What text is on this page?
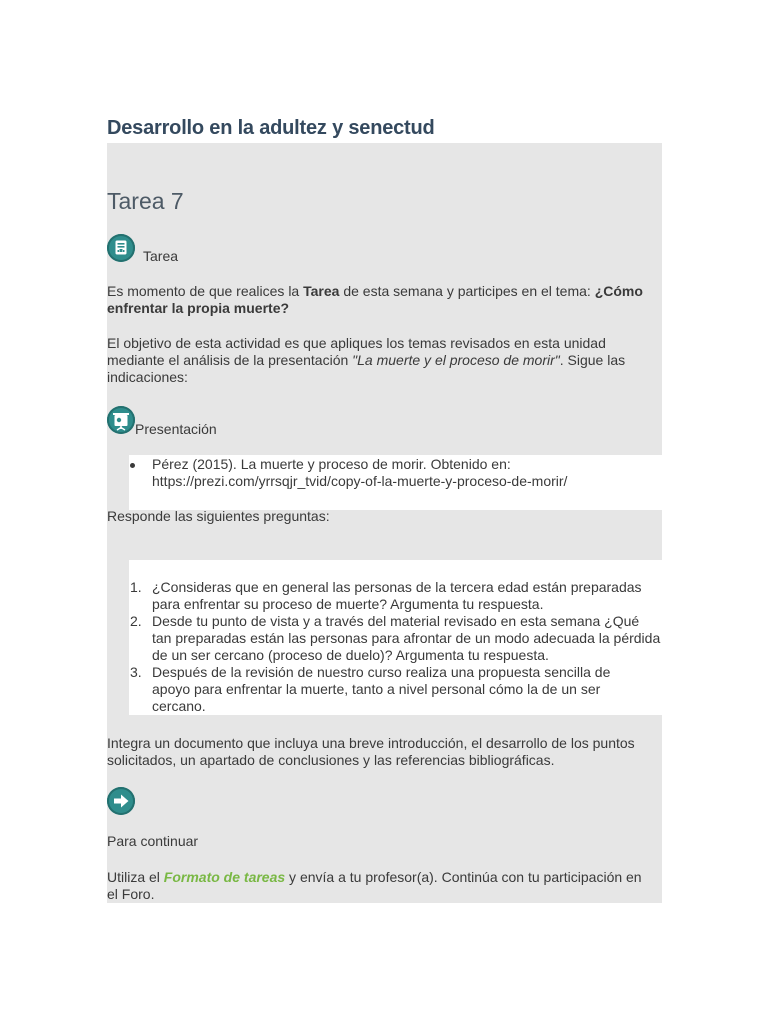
Desarrollo en la adultez y senectud
Tarea 7

Tarea

Es momento de que realices la Tarea de esta semana y participes en el tema: ¿Cómo enfrentar la propia muerte?

El objetivo de esta actividad es que apliques los temas revisados en esta unidad mediante el análisis de la presentación "La muerte y el proceso de morir". Sigue las indicaciones:

Presentación

Pérez (2015). La muerte y proceso de morir. Obtenido en: https://prezi.com/yrrsqjr_tvid/copy-of-la-muerte-y-proceso-de-morir/

Responde las siguientes preguntas:

1. ¿Consideras que en general las personas de la tercera edad están preparadas para enfrentar su proceso de muerte? Argumenta tu respuesta.

2. Desde tu punto de vista y a través del material revisado en esta semana ¿Qué tan preparadas están las personas para afrontar de un modo adecuada la pérdida de un ser cercano (proceso de duelo)? Argumenta tu respuesta.

3. Después de la revisión de nuestro curso realiza una propuesta sencilla de apoyo para enfrentar la muerte, tanto a nivel personal cómo la de un ser cercano.

Integra un documento que incluya una breve introducción, el desarrollo de los puntos solicitados, un apartado de conclusiones y las referencias bibliográficas.

Para continuar

Utiliza el Formato de tareas y envía a tu profesor(a). Continúa con tu participación en el Foro.
